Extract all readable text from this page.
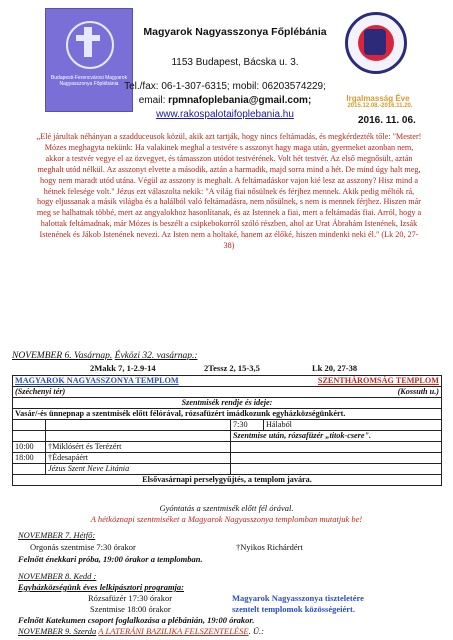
Budapesti-Ferencvárosi Magyarok Nagyasszonya Főplébánia
Magyarok Nagyasszonya Főplébánia
1153 Budapest, Bácska u. 3.
Tel./fax: 06-1-307-6315; mobil: 06203574229;
email: rpmnafoplebania@gmail.com;
www.rakospalotaifoplebania.hu
Irgalmasság Éve
2015.12.08.-2016.11.20.
2016. 11. 06.
„Elé járultak néhányan a szadduceusok közül, akik azt tartják, hogy nincs feltámadás, és megkérdezték tőle: "Mester! Mózes meghagyta nekünk: Ha valakinek meghal a testvére s asszonyt hagy maga után, gyermeket azonban nem, akkor a testvér vegye el az özvegyet, és támasszon utódot testvérének. Volt hét testvér. Az első megnősült, aztán meghalt utód nélkül. Az asszonyt elvette a második, aztán a harmadik, majd sorra mind a hét. De mind úgy halt meg, hogy nem maradt utód utána. Végül az asszony is meghalt. A feltámadáskor vajon kié lesz az asszony? Hisz mind a hétnek felesége volt." Jézus ezt válaszolta nekik: "A világ fiai nősülnek és férjhez mennek. Akik pedig méltók rá, hogy eljussanak a másik világba és a halálból való feltámadásra, nem nősülnek, s nem is mennek férjhez. Hiszen már meg se halhatnak többé, mert az angyalokhoz hasonlítanak, és az Istennek a fiai, mert a feltámadás fiai. Arról, hogy a halottak feltámadnak, már Mózes is beszélt a csipkebokorról szóló részben, ahol az Urat Ábrahám Istenének, Izsák Istenének és Jákob Istenének nevezi. Az Isten nem a holtaké, hanem az élőké, hiszen mindenki neki él." (Lk 20, 27-38)
NOVEMBER 6. Vasárnap. Évközi 32. vasárnap.:
2Makk 7, 1-2.9-14	2Tessz 2, 15-3,5	Lk 20, 27-38
MAGYAROK NAGYASSZONYA TEMPLOM		SZENTHÁROMSÁG TEMPLOM	
(Széchenyi tér)		(Kossuth u.)	
Szentmisék rendje és ideje:			
Vasár/-és ünnepnap a szentmisék előtt félórával, rózsafüzért imádkozunk egyházközségünkért.			
		7:30	Hálaból
		Szentmise után, rózsafüzér „titok-csere".	
10:00	†Miklósért és Terézért		
18:00	†Édesapáért		
	Jézus Szent Neve Litánia		
Elsővasárnapi perselygyűjtés, a templom javára.			
Gyóntatás a szentmisék előtt fél órával.
A hétköznapi szentmiséket a Magyarok Nagyasszonya templomban mutatjuk be!
NOVEMBER 7. Hétfő:
Orgonás szentmise 7:30 órakor	†Nyikos Richárdért
Felnőtt énekkari próba, 19:00 órakor a templomban.
NOVEMBER 8. Kedd :
Egyházközségünk éves lelkipásztori programja:
Rózsafüzér 17:30 órakor
Szentmise 18:00 órakor
Magyarok Nagyasszonya tiszteletére
szentelt templomok közösségeiért.
Felnőtt Katekumen csoport foglalkozása a plébánián, 19:00 órakor.
NOVEMBER 9. Szerda A LATERÁNI BAZILIKA FELSZENTELÉSE. Ü.:
